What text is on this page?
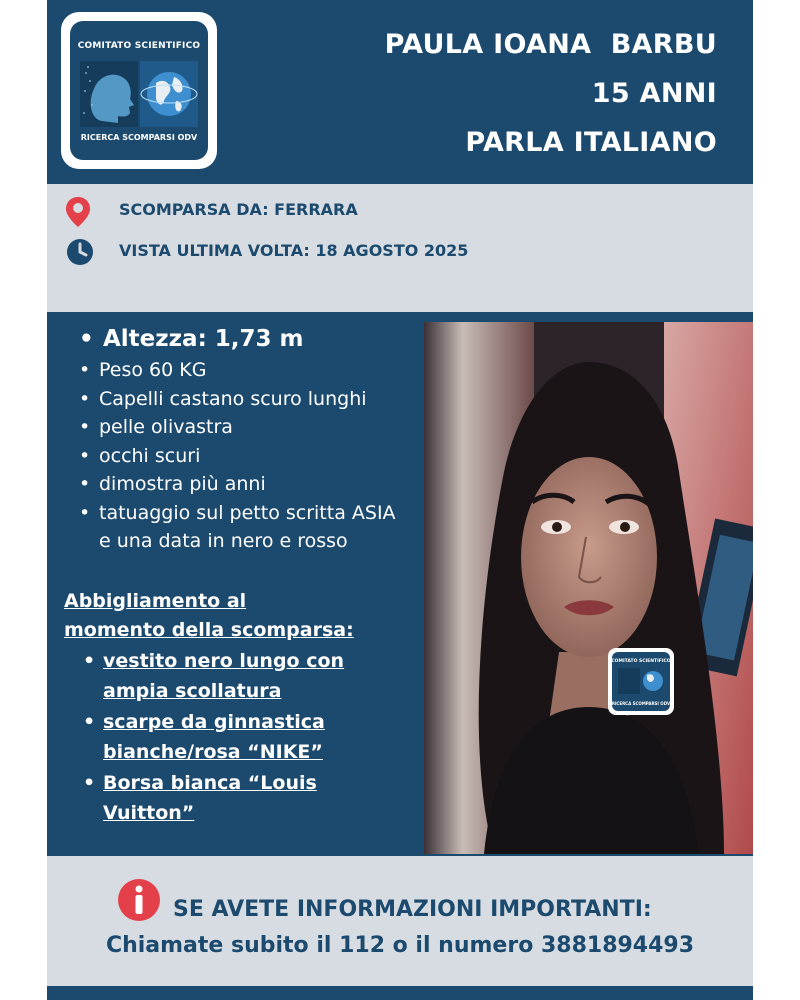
COMITATO SCIENTIFICO
RICERCA SCOMPARSI ODV
PAULA IOANA  BARBU
15 ANNI
PARLA ITALIANO
SCOMPARSA DA: FERRARA
VISTA ULTIMA VOLTA: 18 AGOSTO 2025
• Altezza: 1,73 m
• Peso 60 KG
• Capelli castano scuro lunghi
• pelle olivastra
• occhi scuri
• dimostra più anni
• tatuaggio sul petto scritta ASIA e una data in nero e rosso
Abbigliamento al
momento della scomparsa:
• vestito nero lungo con ampia scollatura
• scarpe da ginnastica bianche/rosa “NIKE”
• Borsa bianca “Louis Vuitton”
COMITATO SCIENTIFICO
RICERCA SCOMPARSI ODV
SE AVETE INFORMAZIONI IMPORTANTI:
Chiamate subito il 112 o il numero 3881894493
